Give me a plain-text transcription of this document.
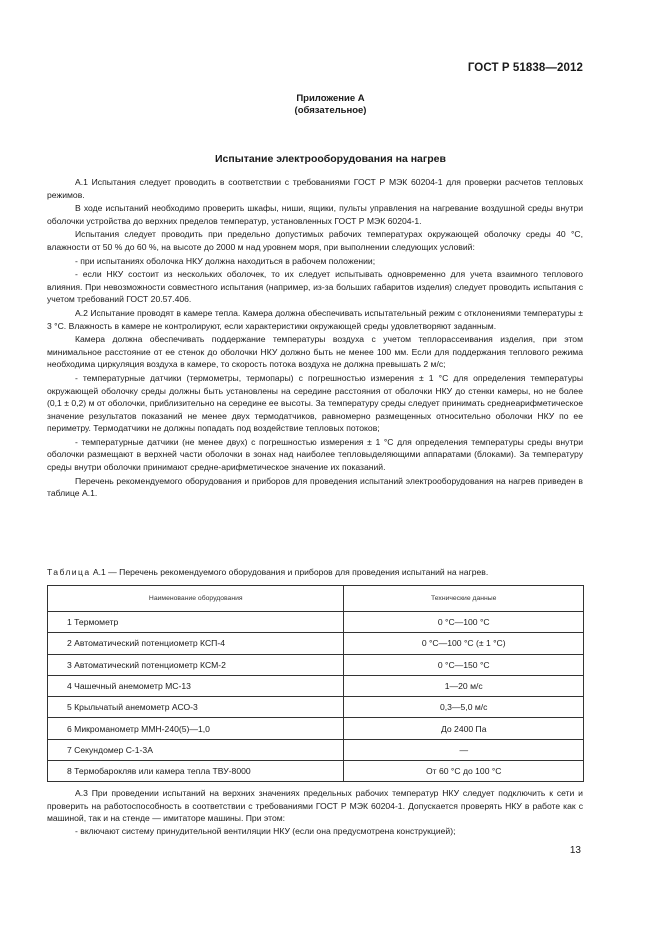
ГОСТ Р 51838—2012
Приложение А
(обязательное)
Испытание электрооборудования на нагрев

А.1 Испытания следует проводить в соответствии с требованиями ГОСТ Р МЭК 60204-1 для проверки расчетов тепловых режимов.

В ходе испытаний необходимо проверить шкафы, ниши, ящики, пульты управления на нагревание воздушной среды внутри оболочки устройства до верхних пределов температур, установленных ГОСТ Р МЭК 60204-1.

Испытания следует проводить при предельно допустимых рабочих температурах окружающей оболочку среды 40 °С, влажности от 50 % до 60 %, на высоте до 2000 м над уровнем моря, при выполнении следующих условий:

- при испытаниях оболочка НКУ должна находиться в рабочем положении;

- если НКУ состоит из нескольких оболочек, то их следует испытывать одновременно для учета взаимного теплового влияния. При невозможности совместного испытания (например, из-за больших габаритов изделия) следует проводить испытания с учетом требований ГОСТ 20.57.406.

А.2 Испытание проводят в камере тепла. Камера должна обеспечивать испытательный режим с отклонениями температуры ± 3 °С. Влажность в камере не контролируют, если характеристики окружающей среды удовлетворяют заданным.

Камера должна обеспечивать поддержание температуры воздуха с учетом теплорассеивания изделия, при этом минимальное расстояние от ее стенок до оболочки НКУ должно быть не менее 100 мм. Если для поддержания теплового режима необходима циркуляция воздуха в камере, то скорость потока воздуха не должна превышать 2 м/с;

- температурные датчики (термометры, термопары) с погрешностью измерения ± 1 °С для определения температуры окружающей оболочку среды должны быть установлены на середине расстояния от оболочки НКУ до стенки камеры, но не более (0,1 ± 0,2) м от оболочки, приблизительно на середине ее высоты. За температуру среды следует принимать среднеарифметическое значение результатов показаний не менее двух термодатчиков, равномерно размещенных относительно оболочки НКУ по ее периметру. Термодатчики не должны попадать под воздействие тепловых потоков;

- температурные датчики (не менее двух) с погрешностью измерения ± 1 °С для определения температуры среды внутри оболочки размещают в верхней части оболочки в зонах над наиболее тепловыделяющими аппаратами (блоками). За температуру среды внутри оболочки принимают средне-арифметическое значение их показаний.

Перечень рекомендуемого оборудования и приборов для проведения испытаний электрооборудования на нагрев приведен в таблице А.1.

Таблица А.1 — Перечень рекомендуемого оборудования и приборов для проведения испытаний на нагрев.
Наименование оборудования	Технические данные
1 Термометр	0 °С—100 °С
2 Автоматический потенциометр КСП-4	0 °С—100 °С (± 1 °С)
3 Автоматический потенциометр КСМ-2	0 °С—150 °С
4 Чашечный анемометр МС-13	1—20 м/с
5 Крыльчатый анемометр АСО-3	0,3—5,0 м/с
6 Микроманометр ММН-240(5)—1,0	До 2400 Па
7 Секундомер С-1-3А	—
8 Термобарокляв или камера тепла ТВУ-8000	От 60 °С до 100 °С

А.3 При проведении испытаний на верхних значениях предельных рабочих температур НКУ следует подключить к сети и проверить на работоспособность в соответствии с требованиями ГОСТ Р МЭК 60204-1. Допускается проверять НКУ в работе как с машиной, так и на стенде — имитаторе машины. При этом:

- включают систему принудительной вентиляции НКУ (если она предусмотрена конструкцией);

13
